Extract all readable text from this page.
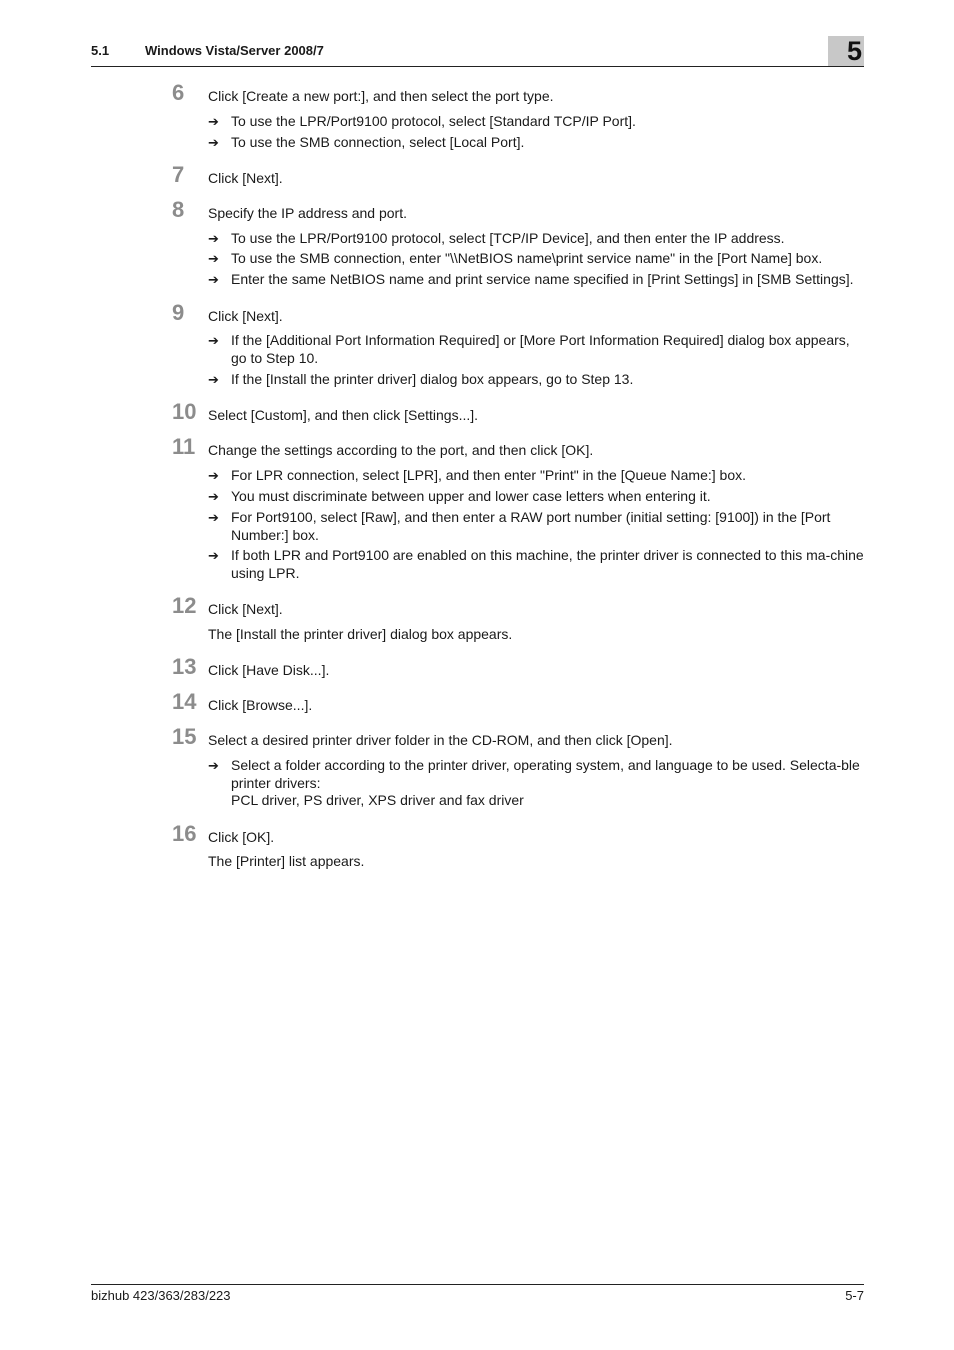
5.1	Windows Vista/Server 2008/7	5
6	Click [Create a new port:], and then select the port type.
➔ To use the LPR/Port9100 protocol, select [Standard TCP/IP Port].
➔ To use the SMB connection, select [Local Port].
7	Click [Next].
8	Specify the IP address and port.
➔ To use the LPR/Port9100 protocol, select [TCP/IP Device], and then enter the IP address.
➔ To use the SMB connection, enter "\\NetBIOS name\print service name" in the [Port Name] box.
➔ Enter the same NetBIOS name and print service name specified in [Print Settings] in [SMB Settings].
9	Click [Next].
➔ If the [Additional Port Information Required] or [More Port Information Required] dialog box appears, go to Step 10.
➔ If the [Install the printer driver] dialog box appears, go to Step 13.
10 Select [Custom], and then click [Settings...].
11 Change the settings according to the port, and then click [OK].
➔ For LPR connection, select [LPR], and then enter "Print" in the [Queue Name:] box.
➔ You must discriminate between upper and lower case letters when entering it.
➔ For Port9100, select [Raw], and then enter a RAW port number (initial setting: [9100]) in the [Port Number:] box.
➔ If both LPR and Port9100 are enabled on this machine, the printer driver is connected to this ma-chine using LPR.
12 Click [Next].
The [Install the printer driver] dialog box appears.
13 Click [Have Disk...].
14 Click [Browse...].
15 Select a desired printer driver folder in the CD-ROM, and then click [Open].
➔ Select a folder according to the printer driver, operating system, and language to be used. Selecta-ble printer drivers:
PCL driver, PS driver, XPS driver and fax driver
16 Click [OK].
The [Printer] list appears.
bizhub 423/363/283/223	5-7
